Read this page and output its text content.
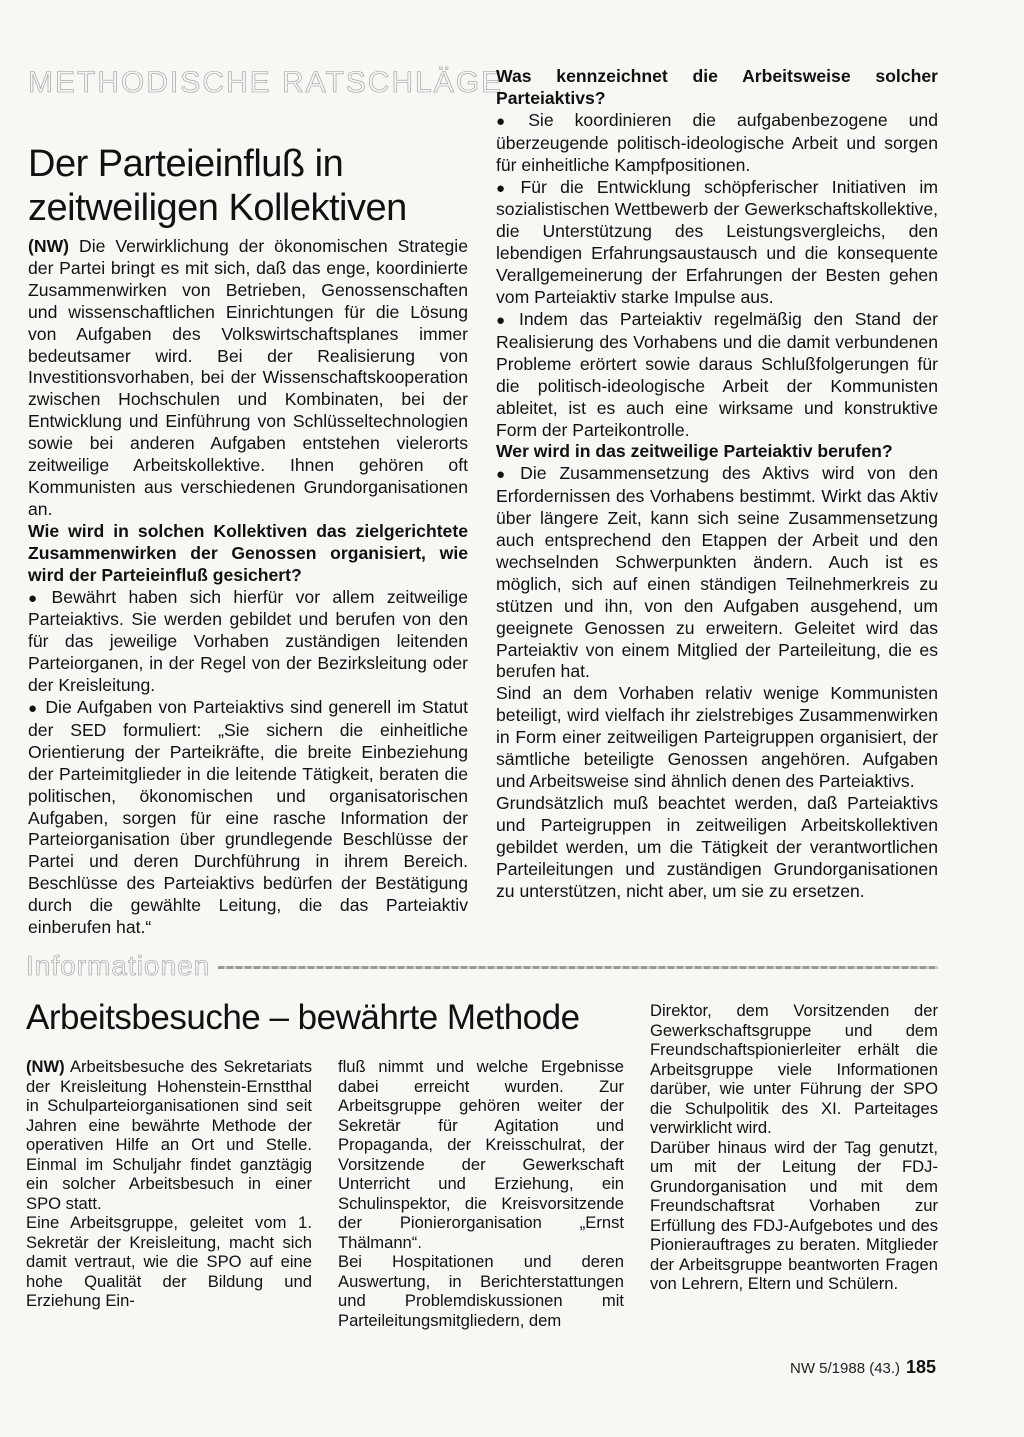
METHODISCHE RATSCHLÄGE
Der Parteieinfluß in zeitweiligen Kollektiven

(NW) Die Verwirklichung der ökonomischen Strategie der Partei bringt es mit sich, daß das enge, koordinierte Zusammenwirken von Betrieben, Genossenschaften und wissenschaftlichen Einrichtungen für die Lösung von Aufgaben des Volkswirtschaftsplanes immer bedeutsamer wird. Bei der Realisierung von Investitionsvorhaben, bei der Wissenschaftskooperation zwischen Hochschulen und Kombinaten, bei der Entwicklung und Einführung von Schlüsseltechnologien sowie bei anderen Aufgaben entstehen vielerorts zeitweilige Arbeitskollektive. Ihnen gehören oft Kommunisten aus verschiedenen Grundorganisationen an.

Wie wird in solchen Kollektiven das zielgerichtete Zusammenwirken der Genossen organisiert, wie wird der Parteieinfluß gesichert?

● Bewährt haben sich hierfür vor allem zeitweilige Parteiaktivs. Sie werden gebildet und berufen von den für das jeweilige Vorhaben zuständigen leitenden Parteiorganen, in der Regel von der Bezirksleitung oder der Kreisleitung.

● Die Aufgaben von Parteiaktivs sind generell im Statut der SED formuliert: „Sie sichern die einheitliche Orientierung der Parteikräfte, die breite Einbeziehung der Parteimitglieder in die leitende Tätigkeit, beraten die politischen, ökonomischen und organisatorischen Aufgaben, sorgen für eine rasche Information der Parteiorganisation über grundlegende Beschlüsse der Partei und deren Durchführung in ihrem Bereich. Beschlüsse des Parteiaktivs bedürfen der Bestätigung durch die gewählte Leitung, die das Parteiaktiv einberufen hat.“

Was kennzeichnet die Arbeitsweise solcher Parteiaktivs?

● Sie koordinieren die aufgabenbezogene und überzeugende politisch-ideologische Arbeit und sorgen für einheitliche Kampfpositionen.

● Für die Entwicklung schöpferischer Initiativen im sozialistischen Wettbewerb der Gewerkschaftskollektive, die Unterstützung des Leistungsvergleichs, den lebendigen Erfahrungsaustausch und die konsequente Verallgemeinerung der Erfahrungen der Besten gehen vom Parteiaktiv starke Impulse aus.

● Indem das Parteiaktiv regelmäßig den Stand der Realisierung des Vorhabens und die damit verbundenen Probleme erörtert sowie daraus Schlußfolgerungen für die politisch-ideologische Arbeit der Kommunisten ableitet, ist es auch eine wirksame und konstruktive Form der Parteikontrolle.

Wer wird in das zeitweilige Parteiaktiv berufen?

● Die Zusammensetzung des Aktivs wird von den Erfordernissen des Vorhabens bestimmt. Wirkt das Aktiv über längere Zeit, kann sich seine Zusammensetzung auch entsprechend den Etappen der Arbeit und den wechselnden Schwerpunkten ändern. Auch ist es möglich, sich auf einen ständigen Teilnehmerkreis zu stützen und ihn, von den Aufgaben ausgehend, um geeignete Genossen zu erweitern. Geleitet wird das Parteiaktiv von einem Mitglied der Parteileitung, die es berufen hat.

Sind an dem Vorhaben relativ wenige Kommunisten beteiligt, wird vielfach ihr zielstrebiges Zusammenwirken in Form einer zeitweiligen Parteigruppen organisiert, der sämtliche beteiligte Genossen angehören. Aufgaben und Arbeitsweise sind ähnlich denen des Parteiaktivs.

Grundsätzlich muß beachtet werden, daß Parteiaktivs und Parteigruppen in zeitweiligen Arbeitskollektiven gebildet werden, um die Tätigkeit der verantwortlichen Parteileitungen und zuständigen Grundorganisationen zu unterstützen, nicht aber, um sie zu ersetzen.

Informationen
Arbeitsbesuche – bewährte Methode

(NW) Arbeitsbesuche des Sekretariats der Kreisleitung Hohenstein-Ernstthal in Schulparteiorganisationen sind seit Jahren eine bewährte Methode der operativen Hilfe an Ort und Stelle. Einmal im Schuljahr findet ganztägig ein solcher Arbeitsbesuch in einer SPO statt.

Eine Arbeitsgruppe, geleitet vom 1. Sekretär der Kreisleitung, macht sich damit vertraut, wie die SPO auf eine hohe Qualität der Bildung und Erziehung Ein-

fluß nimmt und welche Ergebnisse dabei erreicht wurden. Zur Arbeitsgruppe gehören weiter der Sekretär für Agitation und Propaganda, der Kreisschulrat, der Vorsitzende der Gewerkschaft Unterricht und Erziehung, ein Schulinspektor, die Kreisvorsitzende der Pionierorganisation „Ernst Thälmann“.

Bei Hospitationen und deren Auswertung, in Berichterstattungen und Problemdiskussionen mit Parteileitungsmitgliedern, dem

Direktor, dem Vorsitzenden der Gewerkschaftsgruppe und dem Freundschaftspionierleiter erhält die Arbeitsgruppe viele Informationen darüber, wie unter Führung der SPO die Schulpolitik des XI. Parteitages verwirklicht wird.

Darüber hinaus wird der Tag genutzt, um mit der Leitung der FDJ-Grundorganisation und mit dem Freundschaftsrat Vorhaben zur Erfüllung des FDJ-Aufgebotes und des Pionierauftrages zu beraten. Mitglieder der Arbeitsgruppe beantworten Fragen von Lehrern, Eltern und Schülern.

NW 5/1988 (43.) 185
